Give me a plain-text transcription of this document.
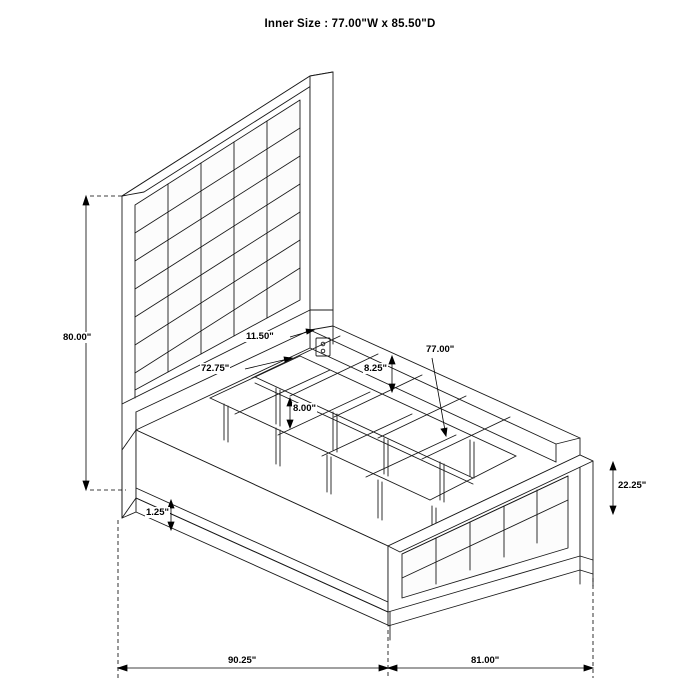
Inner Size : 77.00"W x 85.50"D
80.00"	11.50"
72.75"	8.25"
8.00"
77.00"
22.25"
1.25"
90.25"	81.00"
